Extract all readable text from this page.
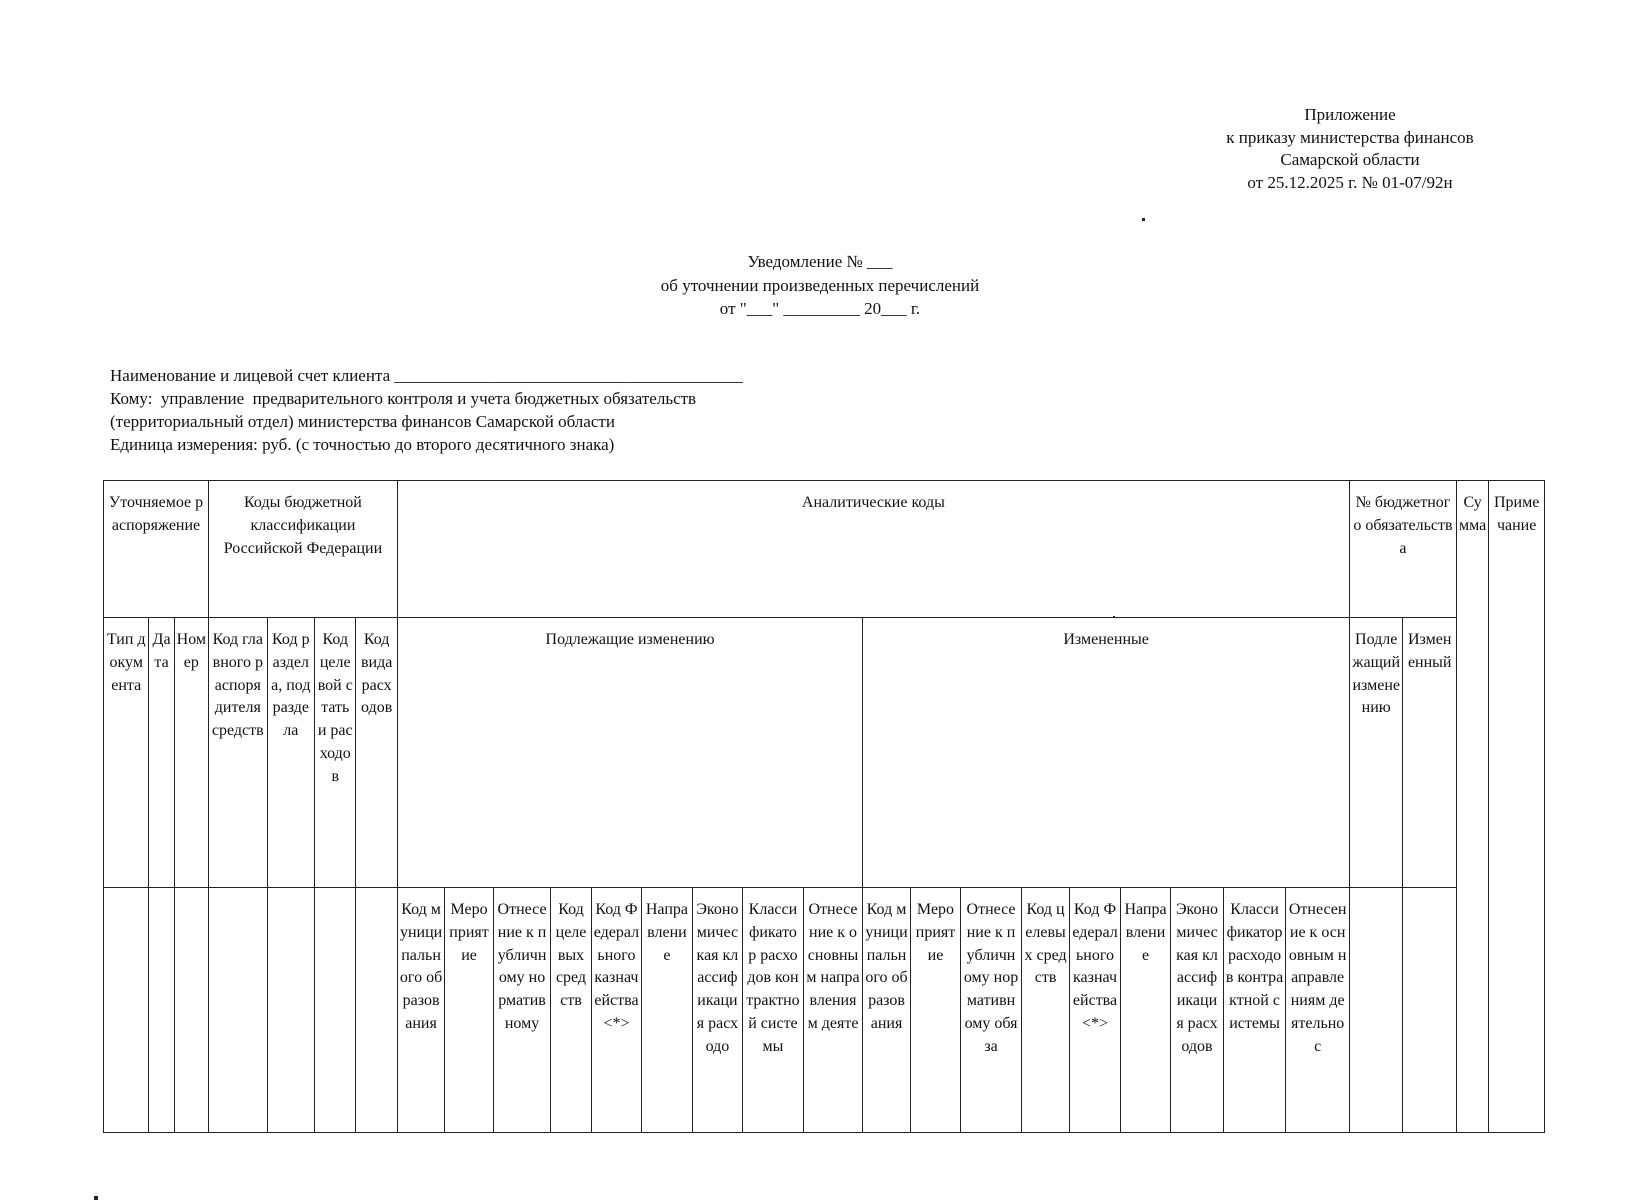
Приложение
к приказу министерства финансов
Самарской области
от 25.12.2025 г. № 01-07/92н
Уведомление № ___
об уточнении произведенных перечислений
от "___" _________ 20___ г.
Наименование и лицевой счет клиента _________________________________________
Кому:  управление  предварительного контроля и учета бюджетных обязательств
(территориальный отдел) министерства финансов Самарской области
Единица измерения: руб. (с точностью до второго десятичного знака)
Уточняемое распоряжение			Коды бюджетной классификации Российской Федерации				Аналитические коды																		№ бюджетного обязательства		Сумма	Примечание
Тип документа	Дата	Номер	Код главного распорядителя средств	Код раздела, подраздела	Код целевой статьи расходов	Код вида расходов	Подлежащие изменению									Измененные									Подлежащий изменению	Измененный		
							Код муниципального образования	Мероприятие	Отнесение к публичному нормативному	Код целевых средств	Код Федерального казначейства <*>	Направление	Экономическая классификация расходо	Классификатор расходов контрактной системы	Отнесение к основным направлениям деяте	Код муниципального образования	Мероприятие	Отнесение к публичному нормативному обяза	Код целевых средств	Код Федерального казначейства <*>	Направление	Экономическая классификация расходов	Классификатор расходов контрактной системы	Отнесение к основным направлениям деятельнос				
